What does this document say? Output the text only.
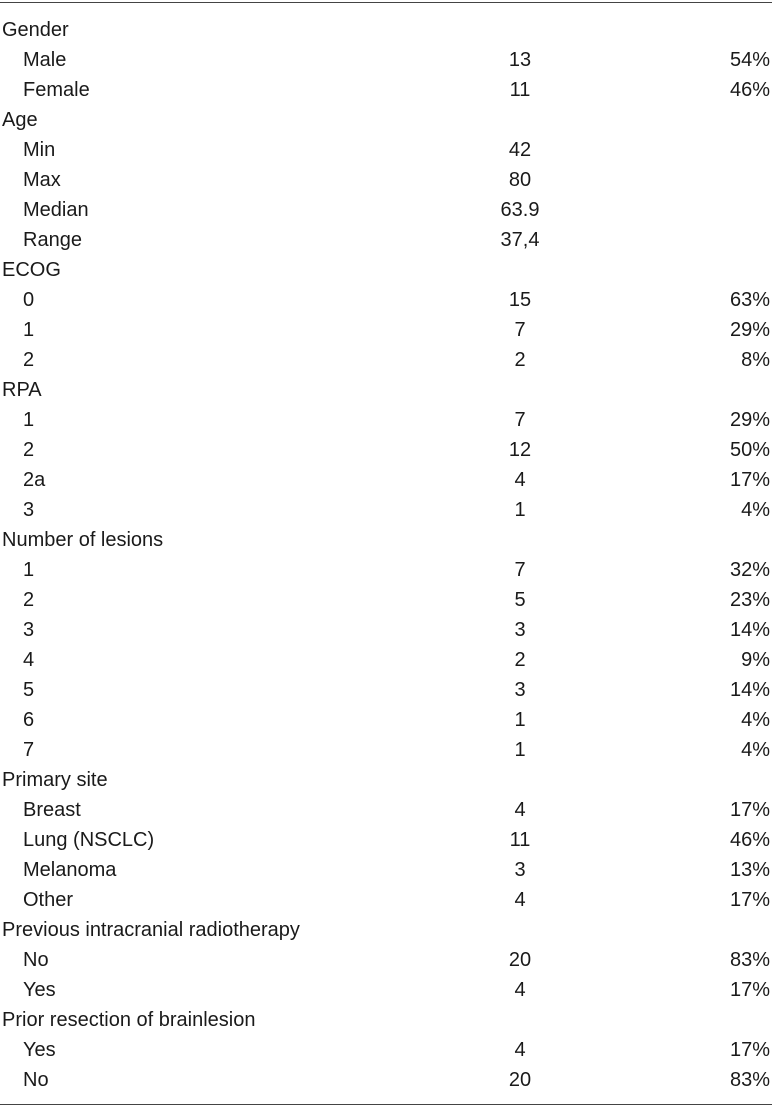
Gender
Male	13	54%
Female	11	46%
Age
Min	42
Max	80
Median	63.9
Range	37,4
ECOG
0	15	63%
1	7	29%
2	2	8%
RPA
1	7	29%
2	12	50%
2a	4	17%
3	1	4%
Number of lesions
1	7	32%
2	5	23%
3	3	14%
4	2	9%
5	3	14%
6	1	4%
7	1	4%
Primary site
Breast	4	17%
Lung (NSCLC)	11	46%
Melanoma	3	13%
Other	4	17%
Previous intracranial radiotherapy
No	20	83%
Yes	4	17%
Prior resection of brainlesion
Yes	4	17%
No	20	83%
